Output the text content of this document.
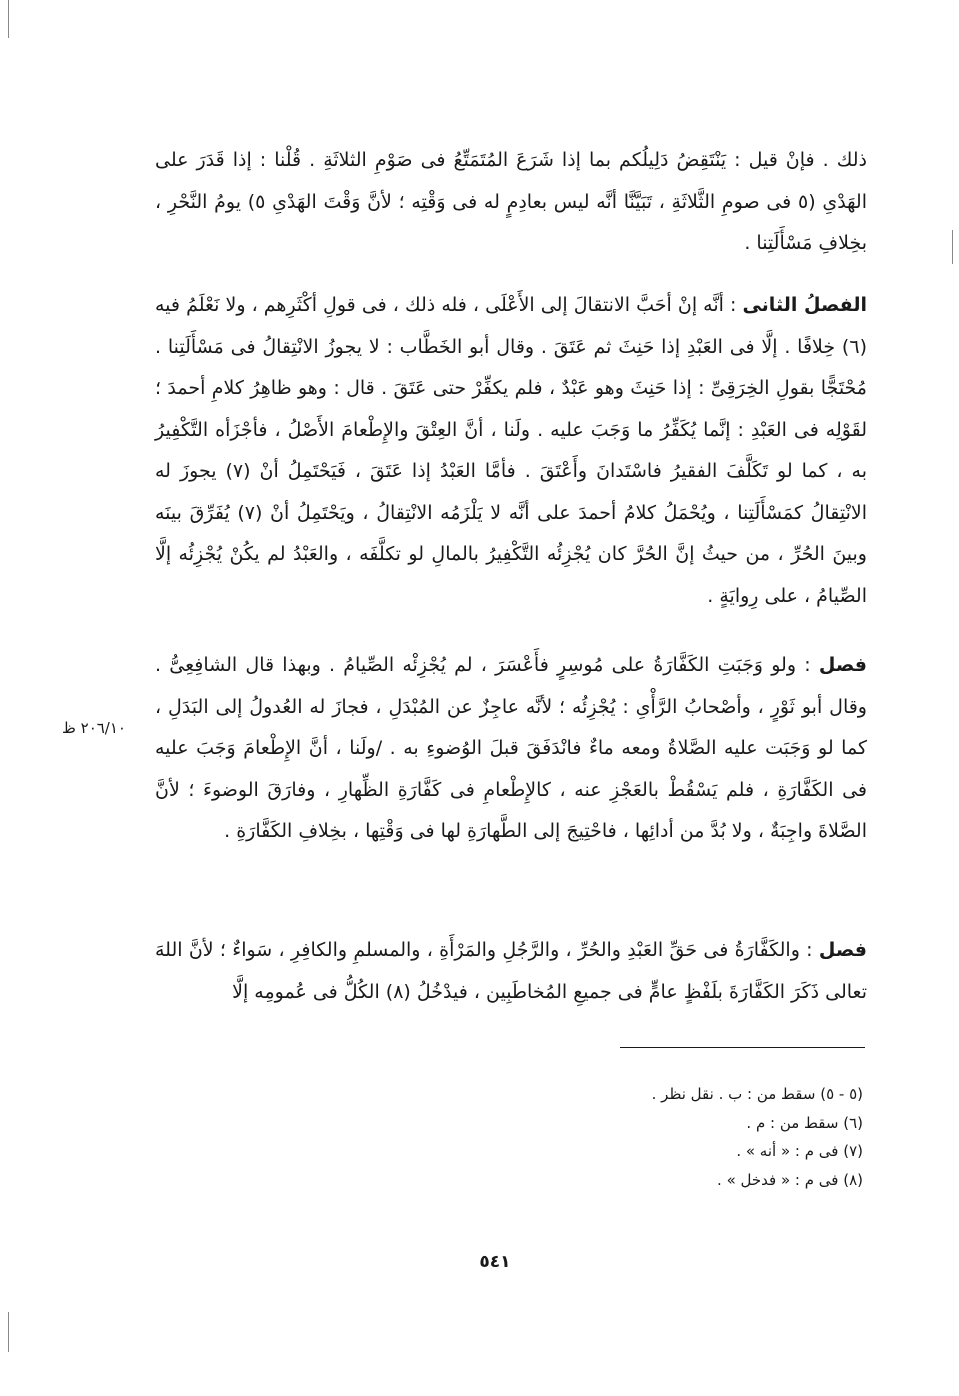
ذلك . فإنْ قيل : يَنْتَقِضُ دَلِيلُكم بما إذا شَرَعَ المُتَمَتِّعُ فى صَوْمِ الثلاثَةِ . قُلْنا : إذا قَدَرَ على الهَدْىِ (٥ فى صومِ الثَّلاثَةِ ، تَبَيَّنَّا أنَّه ليس بعادِمٍ له فى وَقْتِه ؛ لأنَّ وَقْتَ الهَدْىِ ٥) يومُ النَّحْرِ ، بخِلافِ مَسْأَلَتِنا .

الفصلُ الثانى : أنَّه إنْ أحَبَّ الانتقالَ إلى الأَعْلَى ، فله ذلك ، فى قولِ أكْثَرِهم ، ولا نَعْلَمُ فيه (٦) خِلافًا . إلَّا فى العَبْدِ إذا حَنِثَ ثم عَتَقَ . وقال أبو الخَطَّاب : لا يجوزُ الانْتِقالُ فى مَسْأَلَتِنا . مُحْتَجًّا بقولِ الخِرَقِىِّ : إذا حَنِثَ وهو عَبْدٌ ، فلم يكفِّرْ حتى عَتَقَ . قال : وهو ظاهِرُ كلامِ أحمدَ ؛ لقَوْلِه فى العَبْدِ : إنَّما يُكَفِّرُ ما وَجَبَ عليه . ولَنا ، أنَّ العِتْقَ والإِطْعامَ الأَصْلُ ، فأجْزَأه التَّكْفِيرُ به ، كما لو تَكَلَّفَ الفقيرُ فاسْتَدانَ وأَعْتَقَ . فأمَّا العَبْدُ إذا عَتَقَ ، فَيَحْتَمِلُ أنْ (٧) يجوزَ له الانْتِقالُ كمَسْأَلَتِنا ، ويُحْمَلُ كلامُ أحمدَ على أنَّه لا يَلْزَمُه الانْتِقالُ ، ويَحْتَمِلُ أنْ (٧) يُفَرِّقَ بينَه وبينَ الحُرِّ ، من حيثُ إنَّ الحُرَّ كان يُجْزِئُه التَّكْفِيرُ بالمالِ لو تكلَّفَه ، والعَبْدُ لم يكُنْ يُجْزِئُه إلَّا الصِّيامُ ، على رِوايَةٍ .

فصل : ولو وَجَبَتِ الكَفَّارَةُ على مُوسِرٍ فأَعْسَرَ ، لم يُجْزِئْه الصِّيامُ . وبهذا قال الشافِعِىُّ . وقال أبو ثَوْرٍ ، وأصْحابُ الرَّأْىِ : يُجْزِئُه ؛ لأنَّه عاجِزٌ عن المُبْدَلِ ، فجازَ له العُدولُ إلى البَدَلِ ، كما لو وَجَبَت عليه الصَّلاةُ ومعه ماءٌ فانْدَفَقَ قبلَ الوُضوءِ به . /ولَنا ، أنَّ الإِطْعامَ وَجَبَ عليه فى الكَفَّارَةِ ، فلم يَسْقُطْ بالعَجْزِ عنه ، كالإِطْعامِ فى كَفَّارَةِ الظِّهارِ ، وفارَقَ الوضوءَ ؛ لأنَّ الصَّلاةَ واجِبَةٌ ، ولا بُدَّ من أدائِها ، فاحْتِيجَ إلى الطَّهارَةِ لها فى وَقْتِها ، بخِلافِ الكَفَّارَةِ .

٢٠٦/١٠ ظ

فصل : والكَفَّارَةُ فى حَقِّ العَبْدِ والحُرِّ ، والرَّجُلِ والمَرْأَةِ ، والمسلمِ والكافِرِ ، سَواءٌ ؛ لأنَّ اللهَ تعالى ذَكَرَ الكَفَّارَةَ بلَفْظٍ عامٍّ فى جميعِ المُخاطَبِين ، فيدْخُلُ (٨) الكُلُّ فى عُمومِه إلَّا

(٥ - ٥) سقط من : ب . نقل نظر .
(٦) سقط من : م .
(٧) فى م : « أنه » .
(٨) فى م : « فدخل » .
٥٤١
